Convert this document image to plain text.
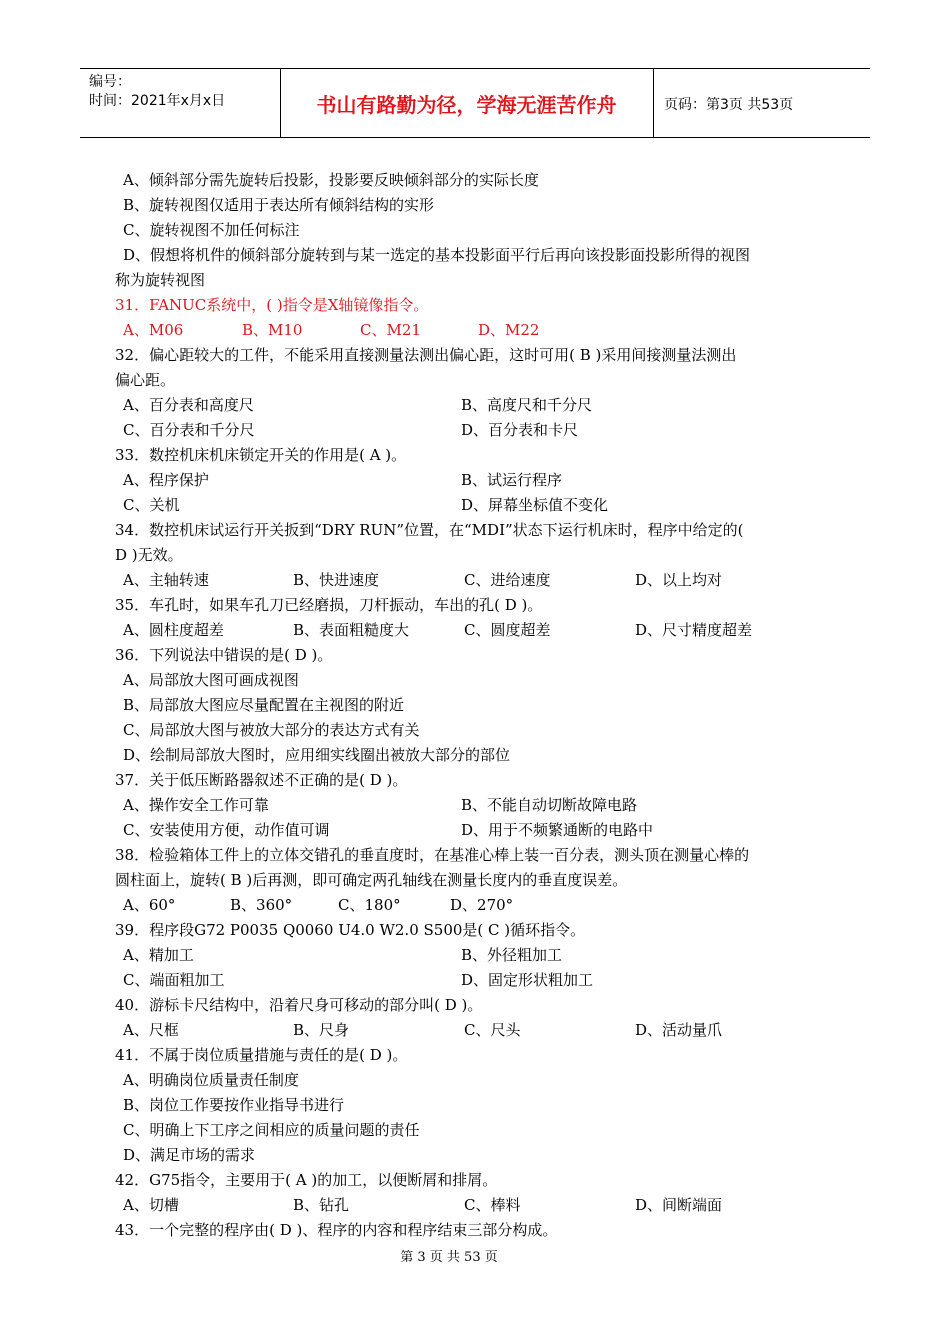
编号：
时间：2021年x月x日	书山有路勤为径，学海无涯苦作舟	页码：第3页 共53页
A、倾斜部分需先旋转后投影，投影要反映倾斜部分的实际长度
B、旋转视图仅适用于表达所有倾斜结构的实形
C、旋转视图不加任何标注
D、假想将机件的倾斜部分旋转到与某一选定的基本投影面平行后再向该投影面投影所得的视图
称为旋转视图
31．FANUC系统中，( )指令是X轴镜像指令。
A、M06	B、M10	C、M21	D、M22
32．偏心距较大的工件，不能采用直接测量法测出偏心距，这时可用( B )采用间接测量法测出
偏心距。
A、百分表和高度尺	B、高度尺和千分尺
C、百分表和千分尺	D、百分表和卡尺
33．数控机床机床锁定开关的作用是( A )。
A、程序保护	B、试运行程序
C、关机	D、屏幕坐标值不变化
34．数控机床试运行开关扳到“DRY RUN”位置，在“MDI”状态下运行机床时，程序中给定的(
D )无效。
A、主轴转速	B、快进速度	C、进给速度	D、以上均对
35．车孔时，如果车孔刀已经磨损，刀杆振动，车出的孔( D )。
A、圆柱度超差	B、表面粗糙度大	C、圆度超差	D、尺寸精度超差
36．下列说法中错误的是( D )。
A、局部放大图可画成视图
B、局部放大图应尽量配置在主视图的附近
C、局部放大图与被放大部分的表达方式有关
D、绘制局部放大图时，应用细实线圈出被放大部分的部位
37．关于低压断路器叙述不正确的是( D )。
A、操作安全工作可靠	B、不能自动切断故障电路
C、安装使用方便，动作值可调	D、用于不频繁通断的电路中
38．检验箱体工件上的立体交错孔的垂直度时，在基准心棒上装一百分表，测头顶在测量心棒的
圆柱面上，旋转( B )后再测，即可确定两孔轴线在测量长度内的垂直度误差。
A、60°	B、360°	C、180°	D、270°
39．程序段G72 P0035 Q0060 U4.0 W2.0 S500是( C )循环指令。
A、精加工	B、外径粗加工
C、端面粗加工	D、固定形状粗加工
40．游标卡尺结构中，沿着尺身可移动的部分叫( D )。
A、尺框	B、尺身	C、尺头	D、活动量爪
41．不属于岗位质量措施与责任的是( D )。
A、明确岗位质量责任制度
B、岗位工作要按作业指导书进行
C、明确上下工序之间相应的质量问题的责任
D、满足市场的需求
42．G75指令，主要用于( A )的加工，以便断屑和排屑。
A、切槽	B、钻孔	C、棒料	D、间断端面
43．一个完整的程序由( D )、程序的内容和程序结束三部分构成。
第 3 页 共 53 页
